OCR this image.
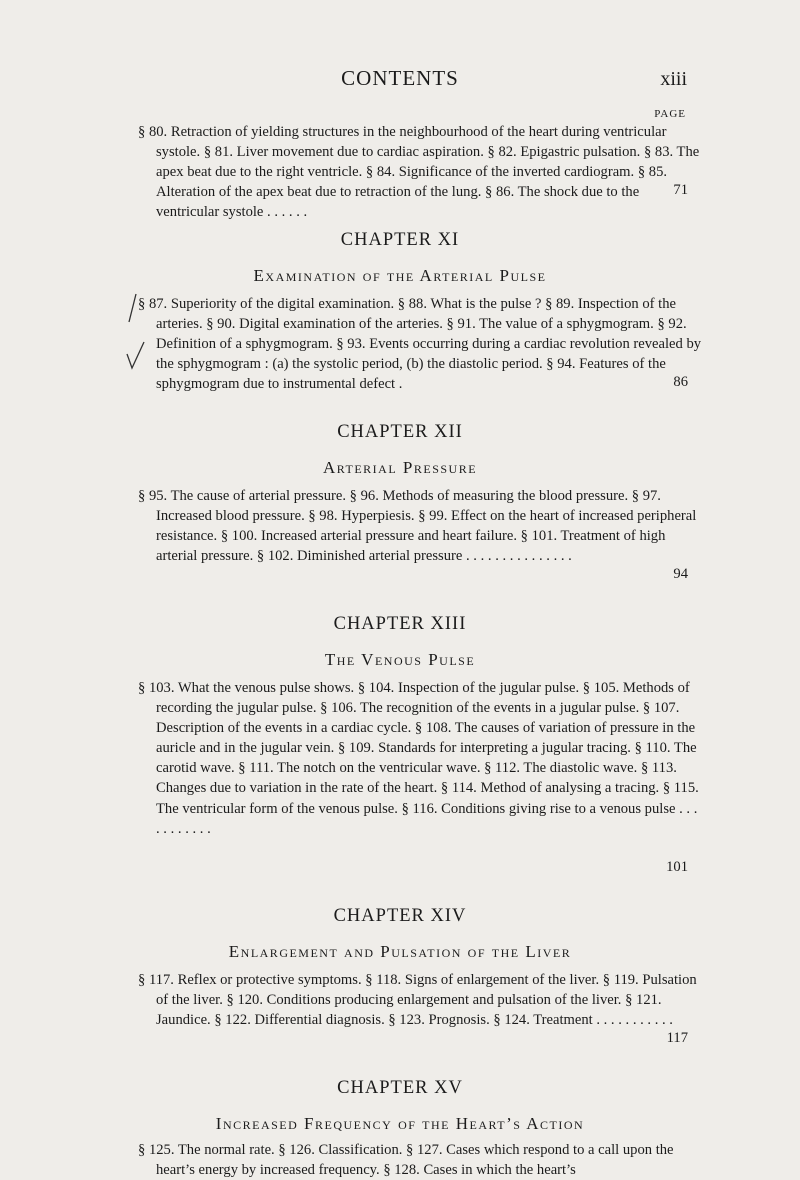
CONTENTS	xiii
PAGE
§ 80. Retraction of yielding structures in the neighbourhood of the heart during ventricular systole. § 81. Liver movement due to cardiac aspiration. § 82. Epigastric pulsation. § 83. The apex beat due to the right ventricle. § 84. Significance of the inverted cardiogram. § 85. Alteration of the apex beat due to retraction of the lung. § 86. The shock due to the ventricular systole . . . . . .
71
CHAPTER XI
Examination of the Arterial Pulse
§ 87. Superiority of the digital examination. § 88. What is the pulse ? § 89. Inspection of the arteries. § 90. Digital examination of the arteries. § 91. The value of a sphygmogram. § 92. Definition of a sphygmogram. § 93. Events occurring during a cardiac revolution revealed by the sphygmogram : (a) the systolic period, (b) the diastolic period. § 94. Features of the sphygmogram due to instrumental defect .	86
CHAPTER XII
Arterial Pressure
§ 95. The cause of arterial pressure. § 96. Methods of measuring the blood pressure. § 97. Increased blood pressure. § 98. Hyperpiesis. § 99. Effect on the heart of increased peripheral resistance. § 100. Increased arterial pressure and heart failure. § 101. Treatment of high arterial pressure. § 102. Diminished arterial pressure . . . . . . . . . . . . . . .
94
CHAPTER XIII
The Venous Pulse
§ 103. What the venous pulse shows. § 104. Inspection of the jugular pulse. § 105. Methods of recording the jugular pulse. § 106. The recognition of the events in a jugular pulse. § 107. Description of the events in a cardiac cycle. § 108. The causes of variation of pressure in the auricle and in the jugular vein. § 109. Standards for interpreting a jugular tracing. § 110. The carotid wave. § 111. The notch on the ventricular wave. § 112. The diastolic wave. § 113. Changes due to variation in the rate of the heart. § 114. Method of analysing a tracing. § 115. The ventricular form of the venous pulse. § 116. Conditions giving rise to a venous pulse . . . . . . . . . . .
101
CHAPTER XIV
Enlargement and Pulsation of the Liver
§ 117. Reflex or protective symptoms. § 118. Signs of enlargement of the liver. § 119. Pulsation of the liver. § 120. Conditions producing enlargement and pulsation of the liver. § 121. Jaundice. § 122. Differential diagnosis. § 123. Prognosis. § 124. Treatment . . . . . . . . . . .
117
CHAPTER XV
Increased Frequency of the Heart’s Action
§ 125. The normal rate. § 126. Classification. § 127. Cases which respond to a call upon the heart’s energy by increased frequency. § 128. Cases in which the heart’s
